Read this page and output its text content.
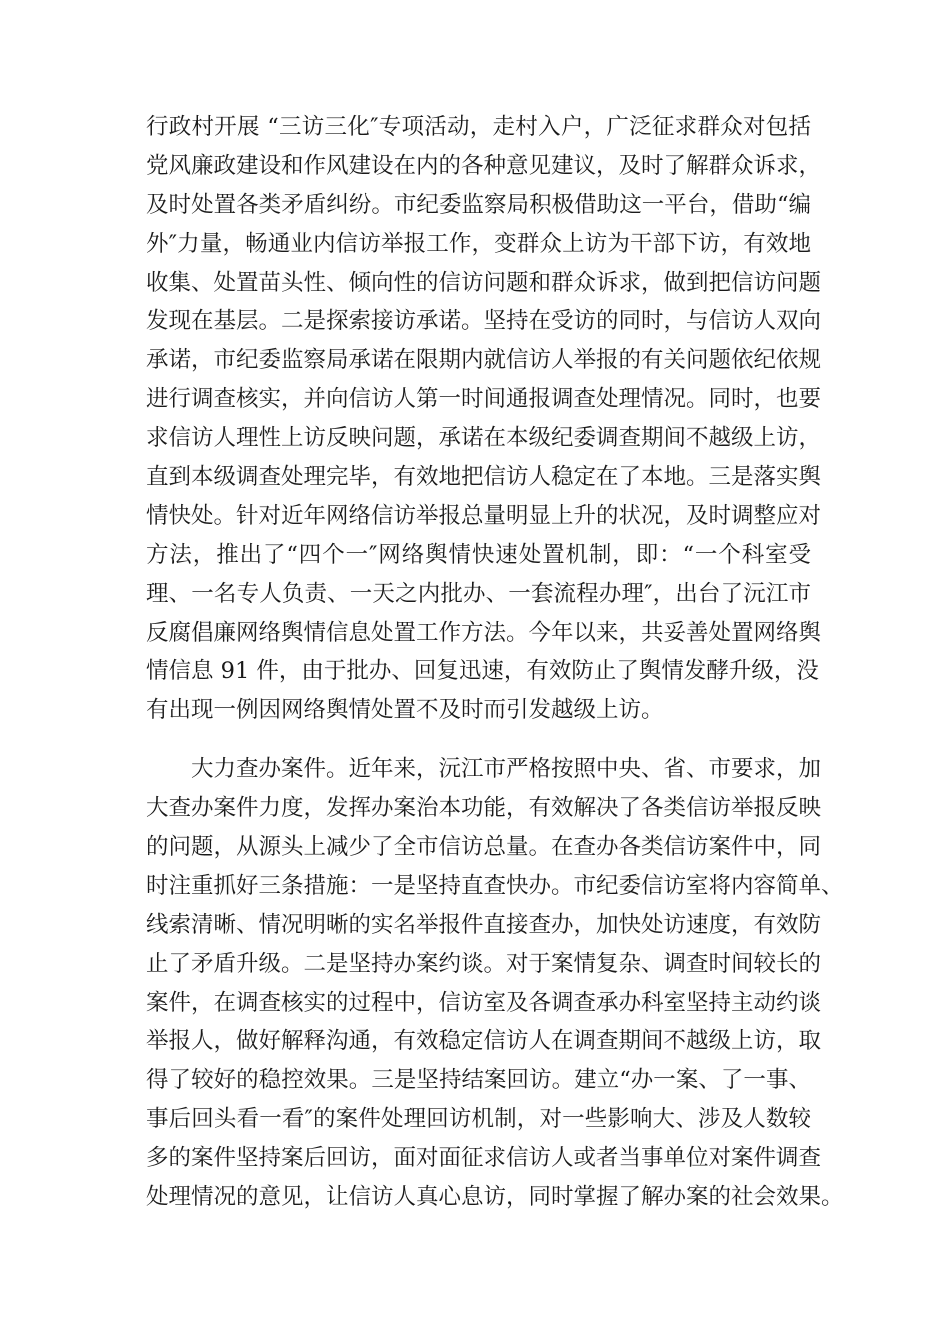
行政村开展 “三访三化″专项活动，走村入户，广泛征求群众对包括
党风廉政建设和作风建设在内的各种意见建议，及时了解群众诉求，
及时处置各类矛盾纠纷。市纪委监察局积极借助这一平台，借助“编
外″力量，畅通业内信访举报工作，变群众上访为干部下访，有效地
收集、处置苗头性、倾向性的信访问题和群众诉求，做到把信访问题
发现在基层。二是探索接访承诺。坚持在受访的同时，与信访人双向
承诺，市纪委监察局承诺在限期内就信访人举报的有关问题依纪依规
进行调查核实，并向信访人第一时间通报调查处理情况。同时，也要
求信访人理性上访反映问题，承诺在本级纪委调查期间不越级上访，
直到本级调查处理完毕，有效地把信访人稳定在了本地。三是落实舆
情快处。针对近年网络信访举报总量明显上升的状况，及时调整应对
方法，推出了“四个一″网络舆情快速处置机制，即：“一个科室受
理、一名专人负责、一天之内批办、一套流程办理″，出台了沅江市
反腐倡廉网络舆情信息处置工作方法。今年以来，共妥善处置网络舆
情信息 91 件，由于批办、回复迅速，有效防止了舆情发酵升级，没
有出现一例因网络舆情处置不及时而引发越级上访。
大力查办案件。近年来，沅江市严格按照中央、省、市要求，加
大查办案件力度，发挥办案治本功能，有效解决了各类信访举报反映
的问题，从源头上减少了全市信访总量。在查办各类信访案件中，同
时注重抓好三条措施：一是坚持直查快办。市纪委信访室将内容简单、
线索清晰、情况明晰的实名举报件直接查办，加快处访速度，有效防
止了矛盾升级。二是坚持办案约谈。对于案情复杂、调查时间较长的
案件，在调查核实的过程中，信访室及各调查承办科室坚持主动约谈
举报人，做好解释沟通，有效稳定信访人在调查期间不越级上访，取
得了较好的稳控效果。三是坚持结案回访。建立“办一案、了一事、
事后回头看一看″的案件处理回访机制，对一些影响大、涉及人数较
多的案件坚持案后回访，面对面征求信访人或者当事单位对案件调查
处理情况的意见，让信访人真心息访，同时掌握了解办案的社会效果。
